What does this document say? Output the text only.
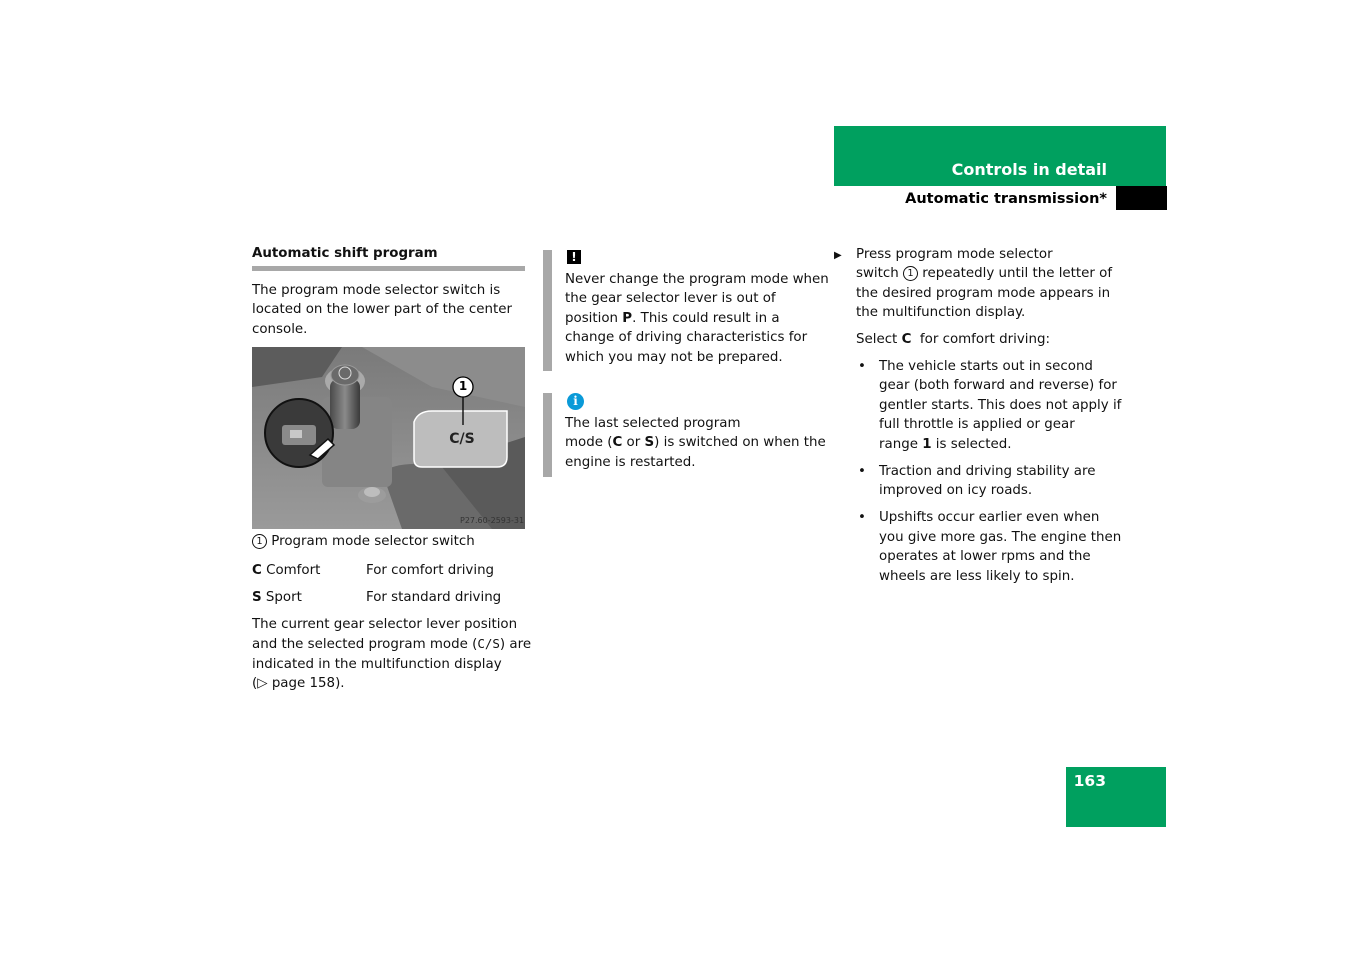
Controls in detail
Automatic transmission*
Automatic shift program

The program mode selector switch is located on the lower part of the center console.

C/S
1
P27.60-2593-31
1 Program mode selector switch
C Comfort	For comfort driving
S Sport	For standard driving

The current gear selector lever position

and the selected program mode (C/S) are

indicated in the multifunction display

(▷ page 158).

!

Never change the program mode when

the gear selector lever is out of

position P. This could result in a

change of driving characteristics for

which you may not be prepared.

i

The last selected program

mode (C or S) is switched on when the

engine is restarted.

▶ Press program mode selector

switch 1 repeatedly until the letter of

the desired program mode appears in

the multifunction display.

Select C  for comfort driving:
• The vehicle starts out in second
gear (both forward and reverse) for
gentler starts. This does not apply if
full throttle is applied or gear
range 1 is selected.
• Traction and driving stability are
improved on icy roads.
• Upshifts occur earlier even when
you give more gas. The engine then
operates at lower rpms and the
wheels are less likely to spin.
163
